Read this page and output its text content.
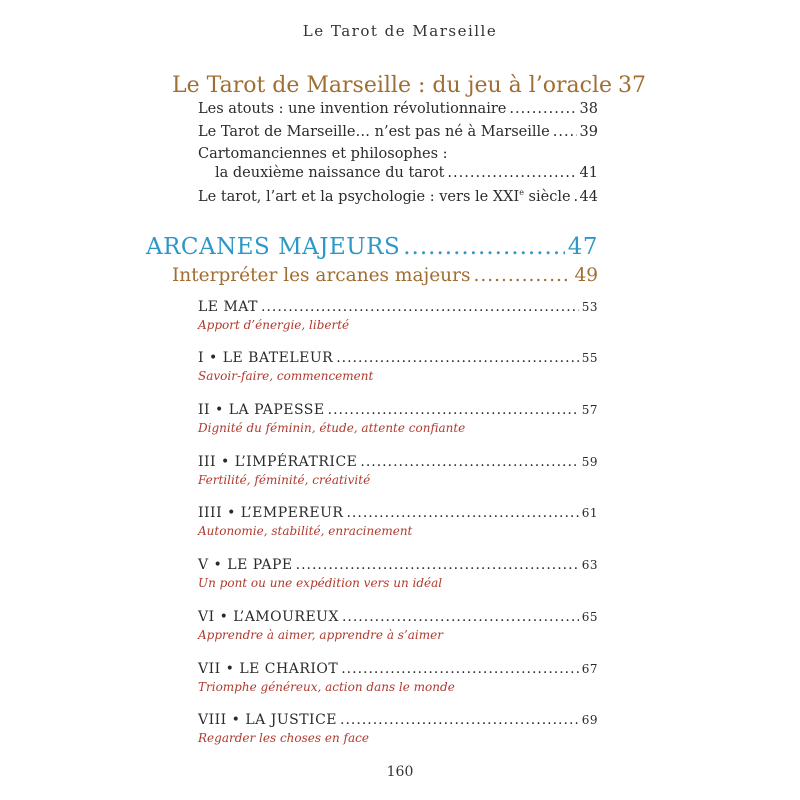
Le Tarot de Marseille
Le Tarot de Marseille : du jeu à l’oracle 37
Les atouts : une invention révolutionnaire .....	38
Le Tarot de Marseille… n’est pas né à Marseille ..... 39
Cartomanciennes et philosophes :
la deuxième naissance du tarot .....	41
Le tarot, l’art et la psychologie : vers le XXIe siècle ..... 44
ARCANES MAJEURS .....	47
Interpréter les arcanes majeurs .....	49
LE MAT .....	53
Apport d’énergie, liberté
I • LE BATELEUR .....	55
Savoir-faire, commencement
II • LA PAPESSE .....	57
Dignité du féminin, étude, attente confiante
III • L’IMPÉRATRICE .....	59
Fertilité, féminité, créativité
IIII • L’EMPEREUR .....	61
Autonomie, stabilité, enracinement
V • LE PAPE .....	63
Un pont ou une expédition vers un idéal
VI • L’AMOUREUX .....	65
Apprendre à aimer, apprendre à s’aimer
VII • LE CHARIOT .....	67
Triomphe généreux, action dans le monde
VIII • LA JUSTICE .....	69
Regarder les choses en face
160
